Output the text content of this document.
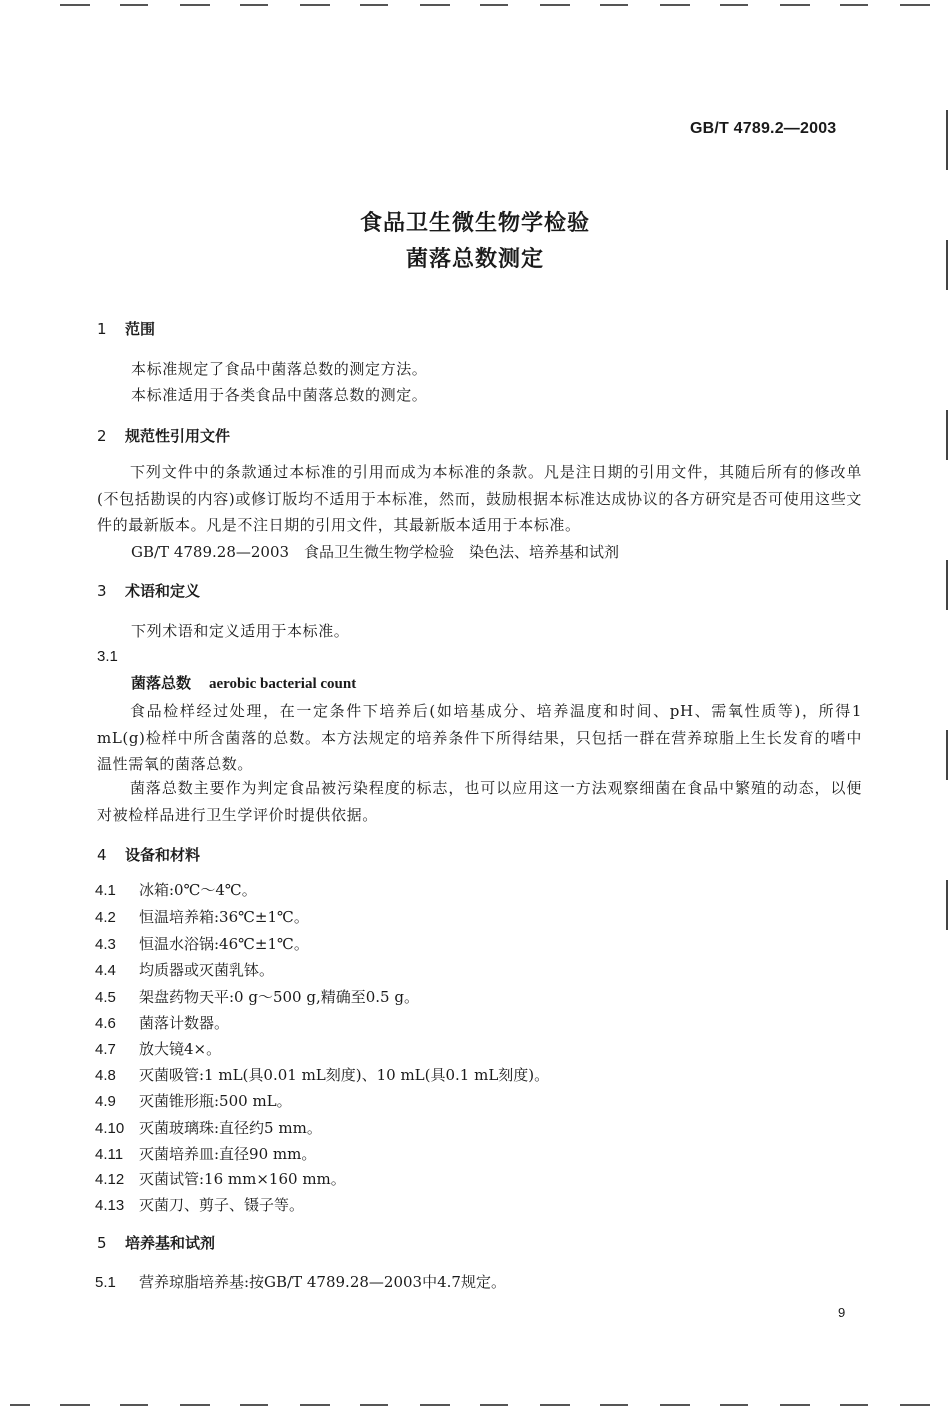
GB/T 4789.2—2003
食品卫生微生物学检验
菌落总数测定
1 范围
本标准规定了食品中菌落总数的测定方法。
本标准适用于各类食品中菌落总数的测定。
2 规范性引用文件
下列文件中的条款通过本标准的引用而成为本标准的条款。凡是注日期的引用文件，其随后所有的修改单(不包括勘误的内容)或修订版均不适用于本标准，然而，鼓励根据本标准达成协议的各方研究是否可使用这些文件的最新版本。凡是不注日期的引用文件，其最新版本适用于本标准。
GB/T 4789.28—2003　食品卫生微生物学检验　染色法、培养基和试剂
3 术语和定义
下列术语和定义适用于本标准。
3.1
菌落总数 aerobic bacterial count
食品检样经过处理，在一定条件下培养后(如培基成分、培养温度和时间、pH、需氧性质等)，所得1 mL(g)检样中所含菌落的总数。本方法规定的培养条件下所得结果，只包括一群在营养琼脂上生长发育的嗜中温性需氧的菌落总数。
菌落总数主要作为判定食品被污染程度的标志，也可以应用这一方法观察细菌在食品中繁殖的动态，以便对被检样品进行卫生学评价时提供依据。
4 设备和材料
4.1 冰箱:0℃～4℃。
4.2 恒温培养箱:36℃±1℃。
4.3 恒温水浴锅:46℃±1℃。
4.4 均质器或灭菌乳钵。
4.5 架盘药物天平:0 g～500 g,精确至0.5 g。
4.6 菌落计数器。
4.7 放大镜4×。
4.8 灭菌吸管:1 mL(具0.01 mL刻度)、10 mL(具0.1 mL刻度)。
4.9 灭菌锥形瓶:500 mL。
4.10 灭菌玻璃珠:直径约5 mm。
4.11 灭菌培养皿:直径90 mm。
4.12 灭菌试管:16 mm×160 mm。
4.13 灭菌刀、剪子、镊子等。
5 培养基和试剂
5.1 营养琼脂培养基:按GB/T 4789.28—2003中4.7规定。
9
